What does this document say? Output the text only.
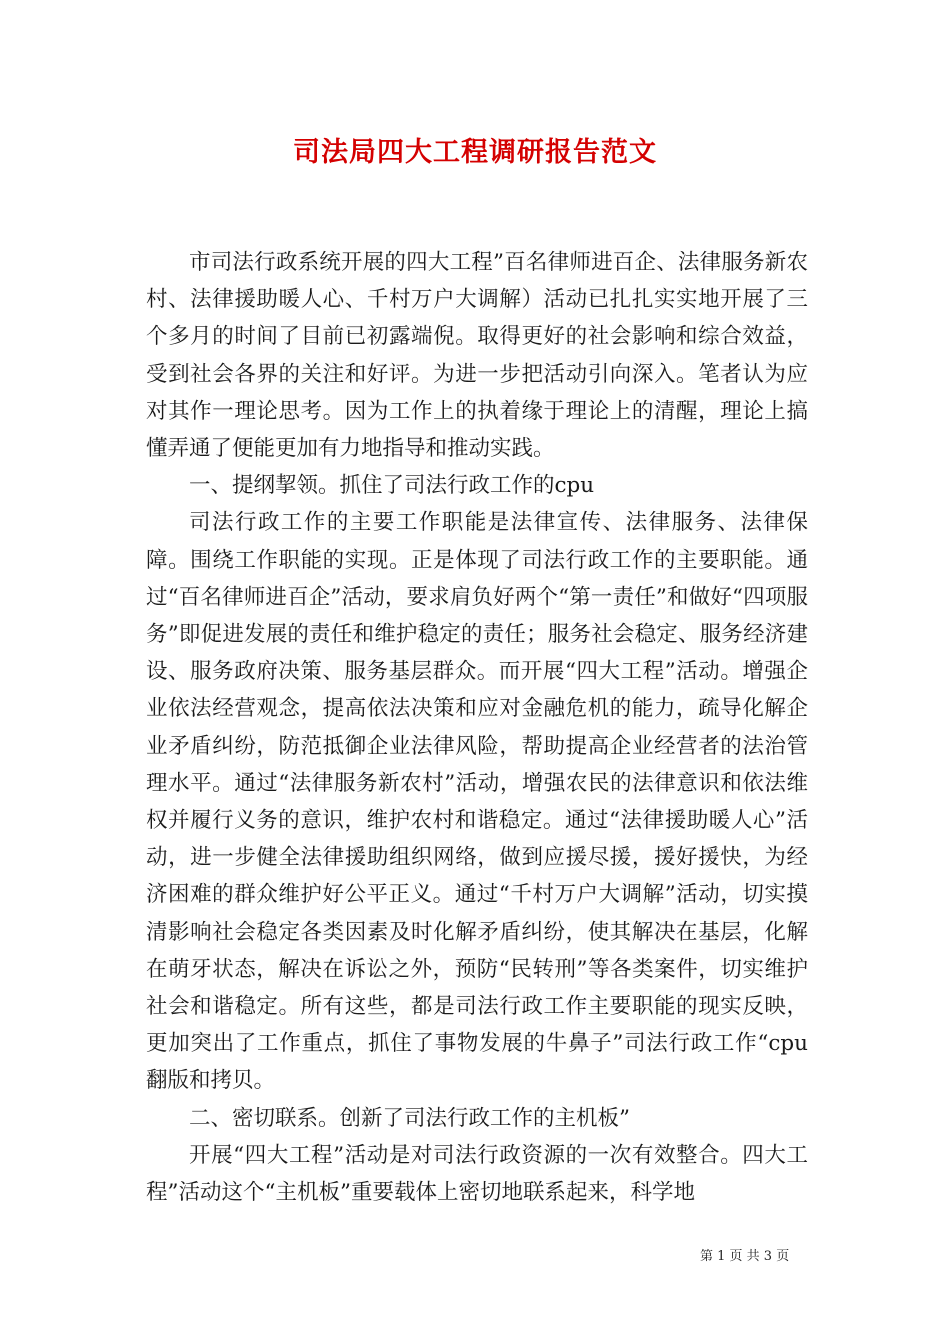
司法局四大工程调研报告范文

市司法行政系统开展的四大工程”百名律师进百企、法律服务新农村、法律援助暖人心、千村万户大调解）活动已扎扎实实地开展了三个多月的时间了目前已初露端倪。取得更好的社会影响和综合效益，受到社会各界的关注和好评。为进一步把活动引向深入。笔者认为应对其作一理论思考。因为工作上的执着缘于理论上的清醒，理论上搞懂弄通了便能更加有力地指导和推动实践。

一、提纲挈领。抓住了司法行政工作的cpu

司法行政工作的主要工作职能是法律宣传、法律服务、法律保障。围绕工作职能的实现。正是体现了司法行政工作的主要职能。通过“百名律师进百企”活动，要求肩负好两个“第一责任”和做好“四项服务”即促进发展的责任和维护稳定的责任；服务社会稳定、服务经济建设、服务政府决策、服务基层群众。而开展“四大工程”活动。增强企业依法经营观念，提高依法决策和应对金融危机的能力，疏导化解企业矛盾纠纷，防范抵御企业法律风险，帮助提高企业经营者的法治管理水平。通过“法律服务新农村”活动，增强农民的法律意识和依法维权并履行义务的意识，维护农村和谐稳定。通过“法律援助暖人心”活动，进一步健全法律援助组织网络，做到应援尽援，援好援快，为经济困难的群众维护好公平正义。通过“千村万户大调解”活动，切实摸清影响社会稳定各类因素及时化解矛盾纠纷，使其解决在基层，化解在萌牙状态，解决在诉讼之外，预防“民转刑”等各类案件，切实维护社会和谐稳定。所有这些，都是司法行政工作主要职能的现实反映，更加突出了工作重点，抓住了事物发展的牛鼻子”司法行政工作“cpu翻版和拷贝。

二、密切联系。创新了司法行政工作的主机板”

开展“四大工程”活动是对司法行政资源的一次有效整合。四大工程”活动这个“主机板”重要载体上密切地联系起来，科学地

第 1 页 共 3 页
